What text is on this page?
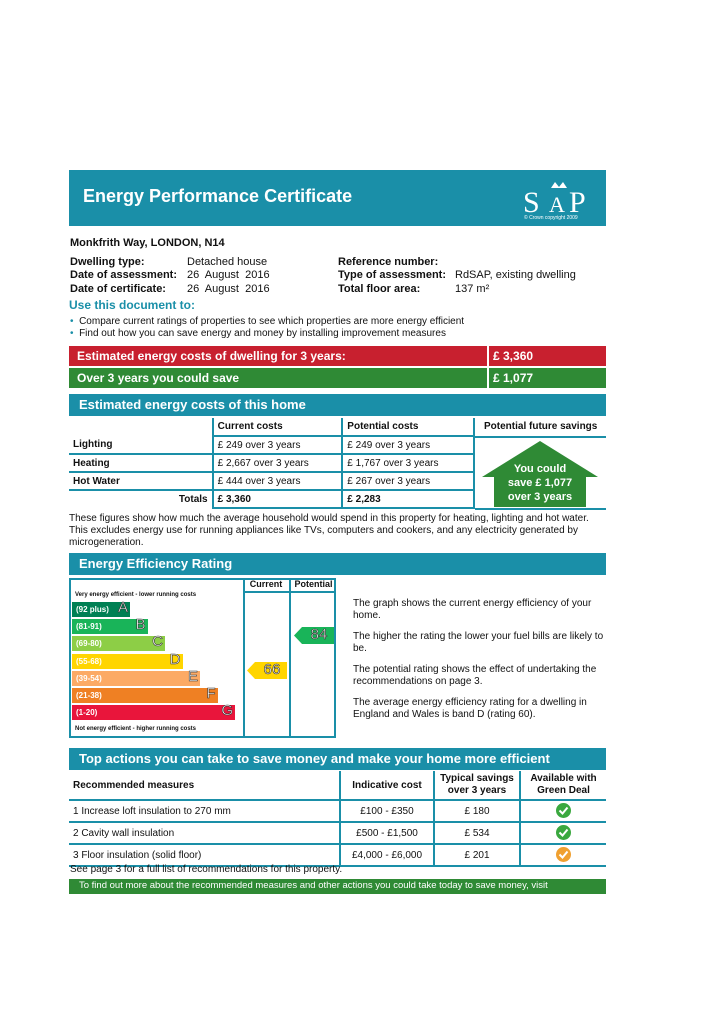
Energy Performance Certificate	S A P
© Crown copyright 2009
Monkfrith Way, LONDON, N14
Dwelling type:	Detached house
Date of assessment: 26  August  2016
Date of certificate: 26  August  2016
Reference number:
Type of assessment: RdSAP, existing dwelling
Total floor area:	137 m²
Use this document to:
• Compare current ratings of properties to see which properties are more energy efficient
• Find out how you can save energy and money by installing improvement measures
Estimated energy costs of dwelling for 3 years:	£ 3,360
Over 3 years you could save	£ 1,077
Estimated energy costs of this home
	Current costs	Potential costs
Lighting	£ 249 over 3 years	£ 249 over 3 years
Heating	£ 2,667 over 3 years	£ 1,767 over 3 years
Hot Water	£ 444 over 3 years	£ 267 over 3 years
Totals	£ 3,360	£ 2,283
Potential future savings
You could
save £ 1,077
over 3 years
These figures show how much the average household would spend in this property for heating, lighting and hot water. This excludes energy use for running appliances like TVs, computers and cookers, and any electricity generated by microgeneration.
Energy Efficiency Rating
Current	Potential
Very energy efficient - lower running costs
Not energy efficient - higher running costs
(92 plus) A
(81-91) B
(69-80)	C
(55-68)	D
(39-54)	E
(21-38)	F
(1-20)	G
66
84
The graph shows the current energy efficiency of your home.
The higher the rating the lower your fuel bills are likely to be.
The potential rating shows the effect of undertaking the recommendations on page 3.
The average energy efficiency rating for a dwelling in England and Wales is band D (rating 60).
Top actions you can take to save money and make your home more efficient
Recommended measures	Indicative cost	Typical savings over 3 years	Available with Green Deal
1 Increase loft insulation to 270 mm	£100 - £350	£ 180	

2 Cavity wall insulation	£500 - £1,500	£ 534	

3 Floor insulation (solid floor)	£4,000 - £6,000	£ 201	
See page 3 for a full list of recommendations for this property.
To find out more about the recommended measures and other actions you could take today to save money, visit
